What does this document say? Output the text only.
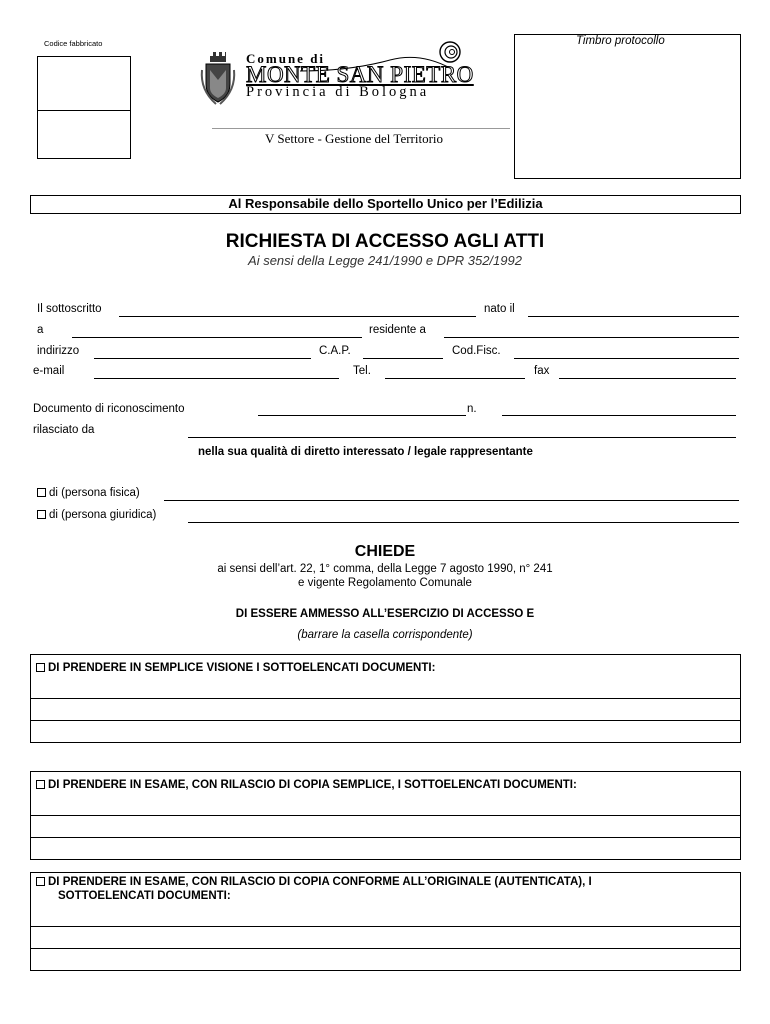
Codice fabbricato
Comune di
MONTE SAN PIETRO
Provincia di Bologna
V Settore - Gestione del Territorio
Timbro protocollo
Al Responsabile dello Sportello Unico per l’Edilizia
RICHIESTA DI ACCESSO AGLI ATTI
Ai sensi della Legge 241/1990 e DPR 352/1992
Il sottoscritto	nato il
a	residente a
indirizzo	C.A.P.	Cod.Fisc.
e-mail	Tel.	fax
Documento di riconoscimento	n.
rilasciato da
nella sua qualità di diretto interessato / legale rappresentante
di (persona fisica)
di (persona giuridica)
CHIEDE
ai sensi dell’art. 22, 1° comma, della Legge 7 agosto 1990, n° 241
e vigente Regolamento Comunale
DI ESSERE AMMESSO ALL’ESERCIZIO DI ACCESSO E
(barrare la casella corrispondente)
DI PRENDERE IN SEMPLICE VISIONE I SOTTOELENCATI DOCUMENTI:
DI PRENDERE IN ESAME, CON RILASCIO DI COPIA SEMPLICE, I SOTTOELENCATI DOCUMENTI:
DI PRENDERE IN ESAME, CON RILASCIO DI COPIA CONFORME ALL’ORIGINALE (AUTENTICATA), I
SOTTOELENCATI DOCUMENTI:
